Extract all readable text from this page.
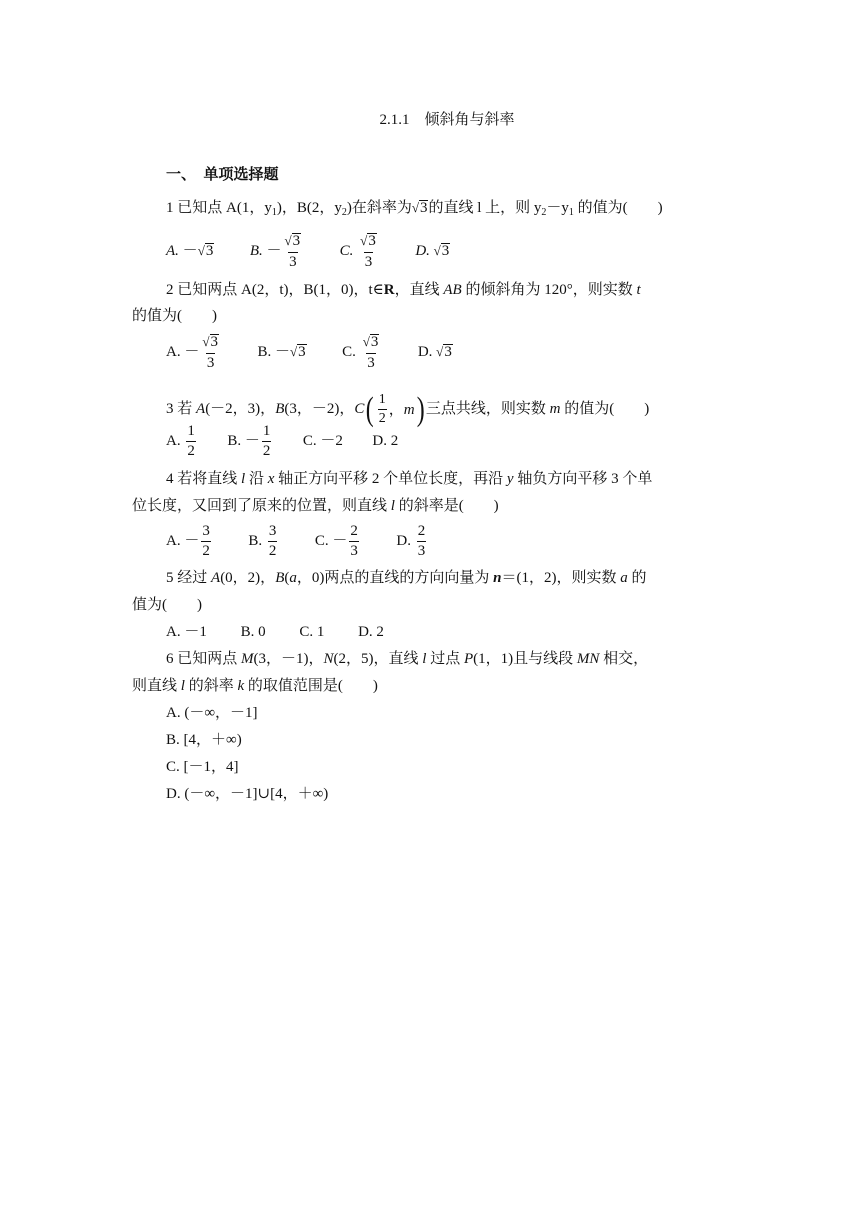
2.1.1　倾斜角与斜率
一、　单项选择题
1 已知点 A(1，$y_1$)，B(2，$y_2$)在斜率为√3的直线 l 上，则 $y_2-y_1$ 的值为(　　)
A. －√3 B. － $\frac{√3}{3}$	C. $\frac{√3}{3}$	D. √3
2 已知两点 A(2，t)，B(1，0)，t∈R，直线 AB 的倾斜角为 120°，则实数 t
的值为(　　)
A. － $\frac{√3}{3}$	B. －√3 C. $\frac{√3}{3}$	D. √3
3 若 A(－2，3)，B(3，－2)，C ( $\frac{1}{2}$ ， m ) 三点共线，则实数 m 的值为(　　)
A. $\frac{1}{2} B$. － $\frac{1}{2} C$. －2 D. 2
4 若将直线 l 沿 x 轴正方向平移 2 个单位长度，再沿 y 轴负方向平移 3 个单
位长度，又回到了原来的位置，则直线 l 的斜率是(　　)
A. － $\frac{3}{2}$	B. $\frac{3}{2}$	C. － $\frac{2}{3}$	D. $\frac{2}{3}$
5 经过 A(0，2)，B(a，0)两点的直线的方向向量为 n＝(1，2)，则实数 a 的
值为(　　)
A. －1　　 B. 0　　 C. 1　　 D. 2
6 已知两点 M(3，－1)，N(2，5)，直线 l 过点 P(1，1)且与线段 MN 相交，
则直线 l 的斜率 k 的取值范围是(　　)
A. (－∞，－1]
B. [4，＋∞)
C. [－1，4]
D. (－∞，－1]∪[4，＋∞)
